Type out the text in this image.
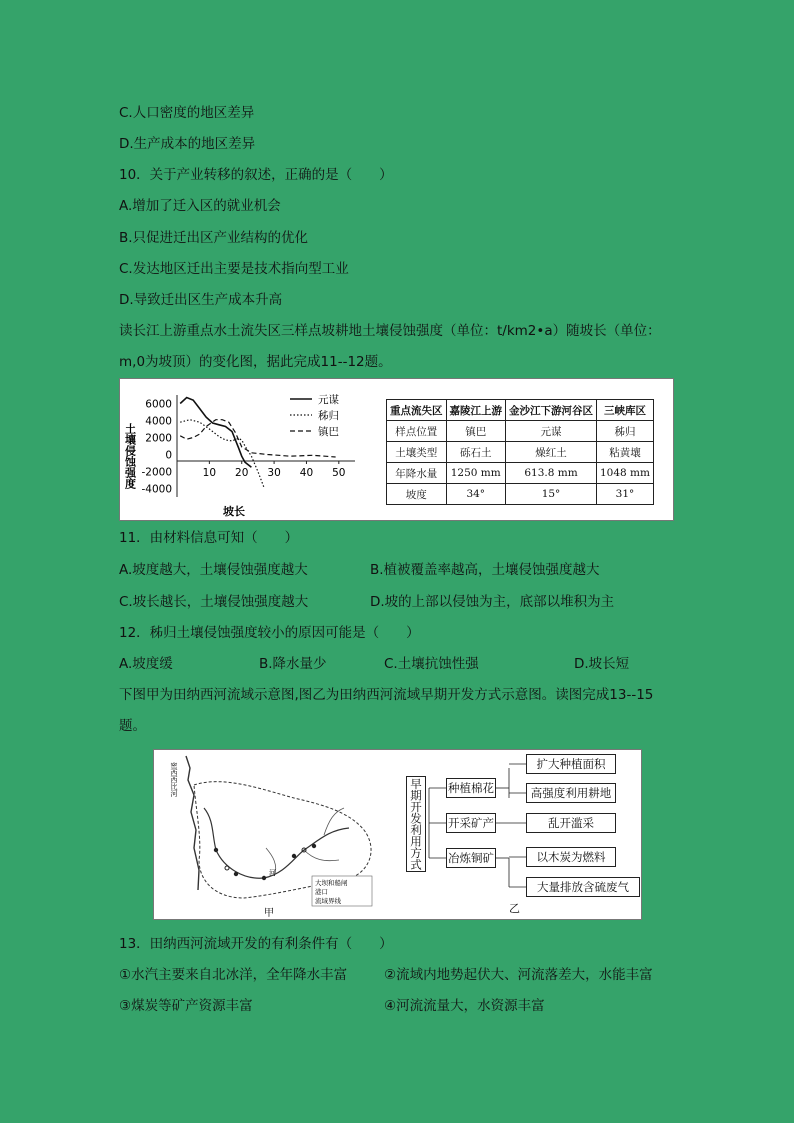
C.人口密度的地区差异
D.生产成本的地区差异
10．关于产业转移的叙述，正确的是（　　）
A.增加了迁入区的就业机会
B.只促进迁出区产业结构的优化
C.发达地区迁出主要是技术指向型工业
D.导致迁出区生产成本升高
读长江上游重点水土流失区三样点坡耕地土壤侵蚀强度（单位：t/km2•a）随坡长（单位：
m,0为坡顶）的变化图，据此完成11--12题。
土壤侵蚀强度
6000
4000
2000
0
-2000
-4000
10 20 30 40 50
元谋
秭归
镇巴
坡长
重点流失区	嘉陵江上游	金沙江下游河谷区	三峡库区
样点位置	镇巴	元谋	秭归
土壤类型	砾石土	燥红土	粘黄壤
年降水量	1250 mm	613.8 mm	1048 mm
坡度	34°	15°	31°
11．由材料信息可知（　　）
A.坡度越大，土壤侵蚀强度越大	B.植被覆盖率越高，土壤侵蚀强度越大
C.坡长越长，土壤侵蚀强度越大	D.坡的上部以侵蚀为主，底部以堆积为主
12．秭归土壤侵蚀强度较小的原因可能是（　　）
A.坡度缓	B.降水量少	C.土壤抗蚀性强	D.坡长短
下图甲为田纳西河流域示意图,图乙为田纳西河流域早期开发方式示意图。读图完成13--15
题。
密西西比河
河
大坝和船闸
港口
流域界线
甲
早期开发利用方式 种植棉花
开采矿产
冶炼铜矿
扩大种植面积
高强度利用耕地
乱开滥采
以木炭为燃料
大量排放含硫废气
乙
13．田纳西河流域开发的有利条件有（　　）
①水汽主要来自北冰洋，全年降水丰富	②流域内地势起伏大、河流落差大，水能丰富
③煤炭等矿产资源丰富	④河流流量大，水资源丰富
